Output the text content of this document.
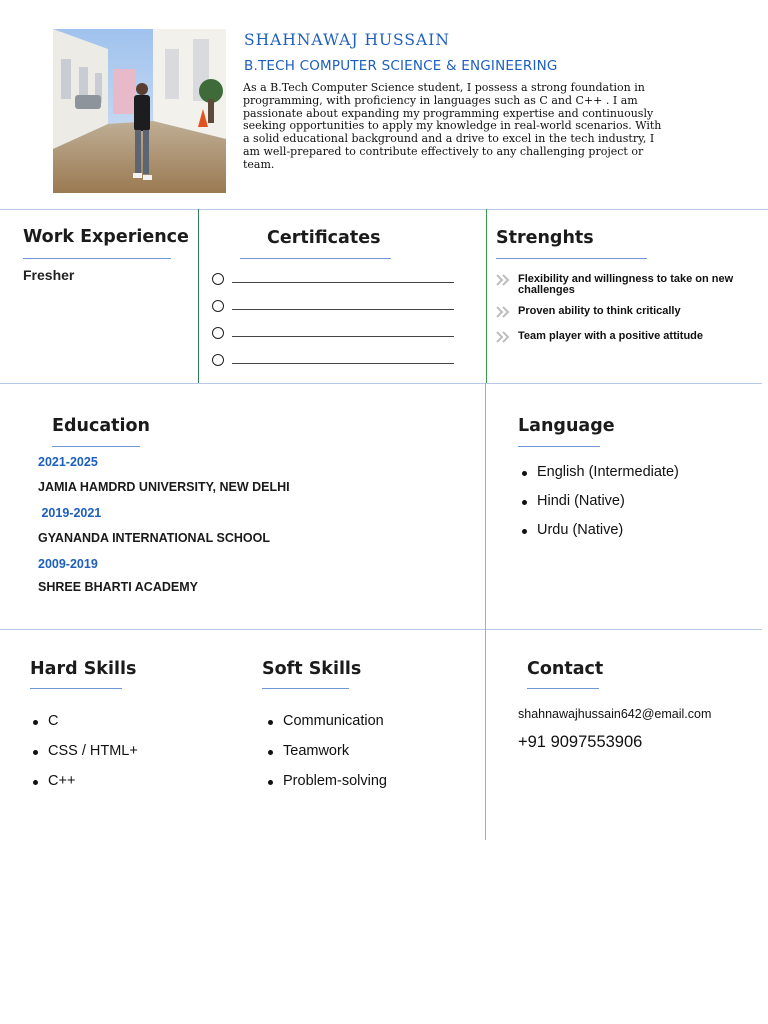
SHAHNAWAJ HUSSAIN
B.TECH COMPUTER SCIENCE & ENGINEERING
As a B.Tech Computer Science student, I possess a strong foundation in programming, with proficiency in languages such as C and C++ . I am passionate about expanding my programming expertise and continuously seeking opportunities to apply my knowledge in real-world scenarios. With a solid educational background and a drive to excel in the tech industry, I am well-prepared to contribute effectively to any challenging project or team.
Work Experience
Fresher
Certificates	Strenghts
Flexibility and willingness to take on new challenges
Proven ability to think critically
Team player with a positive attitude
Education
2021-2025
JAMIA HAMDRD UNIVERSITY, NEW DELHI
2019-2021
GYANANDA INTERNATIONAL SCHOOL
2009-2019
SHREE BHARTI ACADEMY
Language
English (Intermediate)
Hindi (Native)
Urdu (Native)
Hard Skills
C
CSS / HTML+
C++
Soft Skills
Communication
Teamwork
Problem-solving
Contact
shahnawajhussain642@email.com
+91 9097553906
